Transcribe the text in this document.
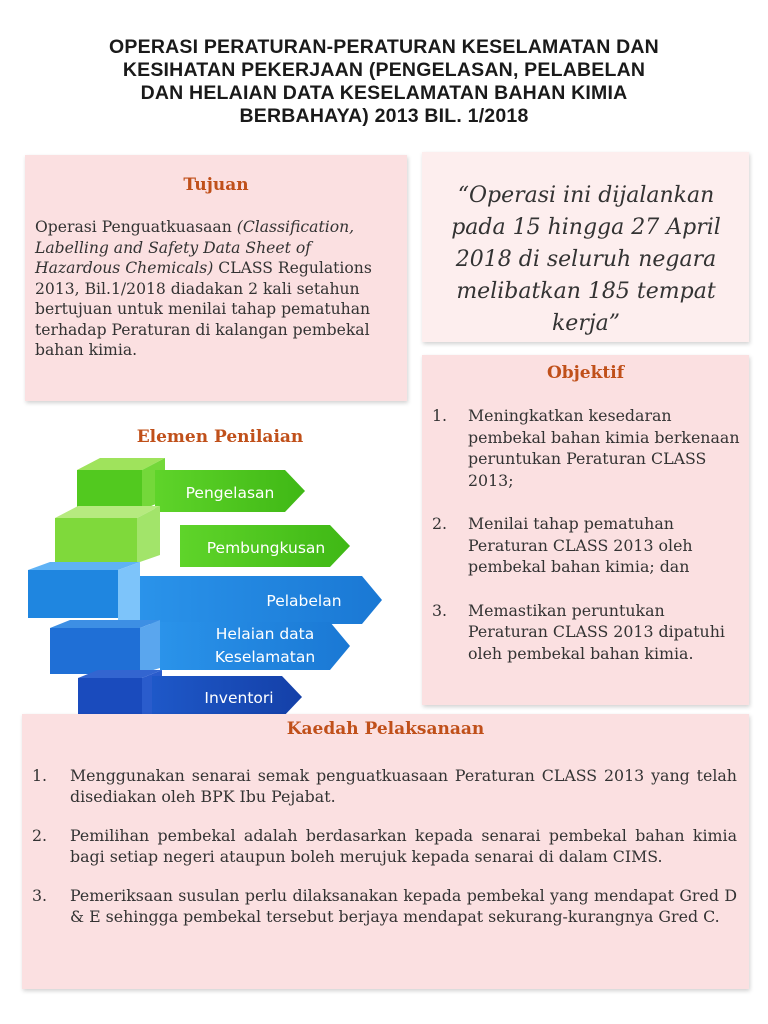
OPERASI PERATURAN-PERATURAN KESELAMATAN DAN
KESIHATAN PEKERJAAN (PENGELASAN, PELABELAN
DAN HELAIAN DATA KESELAMATAN BAHAN KIMIA
BERBAHAYA) 2013 BIL. 1/2018
Tujuan
Operasi Penguatkuasaan (Classification, Labelling and Safety Data Sheet of Hazardous Chemicals) CLASS Regulations 2013, Bil.1/2018 diadakan 2 kali setahun bertujuan untuk menilai tahap pematuhan terhadap Peraturan di kalangan pembekal bahan kimia.
“Operasi ini dijalankan pada 15 hingga 27 April 2018 di seluruh negara melibatkan 185 tempat kerja”
Objektif
1. Meningkatkan kesedaran pembekal bahan kimia berkenaan peruntukan Peraturan CLASS 2013;
2. Menilai tahap pematuhan Peraturan CLASS 2013 oleh pembekal bahan kimia; dan
3. Memastikan peruntukan Peraturan CLASS 2013 dipatuhi oleh pembekal bahan kimia.
Elemen Penilaian
Pengelasan
Pembungkusan
Pelabelan
Helaian data
Keselamatan
Inventori
Kaedah Pelaksanaan
1. Menggunakan senarai semak penguatkuasaan Peraturan CLASS 2013 yang telah disediakan oleh BPK Ibu Pejabat.
2. Pemilihan pembekal adalah berdasarkan kepada senarai pembekal bahan kimia bagi setiap negeri ataupun boleh merujuk kepada senarai di dalam CIMS.
3. Pemeriksaan susulan perlu dilaksanakan kepada pembekal yang mendapat Gred D & E sehingga pembekal tersebut berjaya mendapat sekurang-kurangnya Gred C.
